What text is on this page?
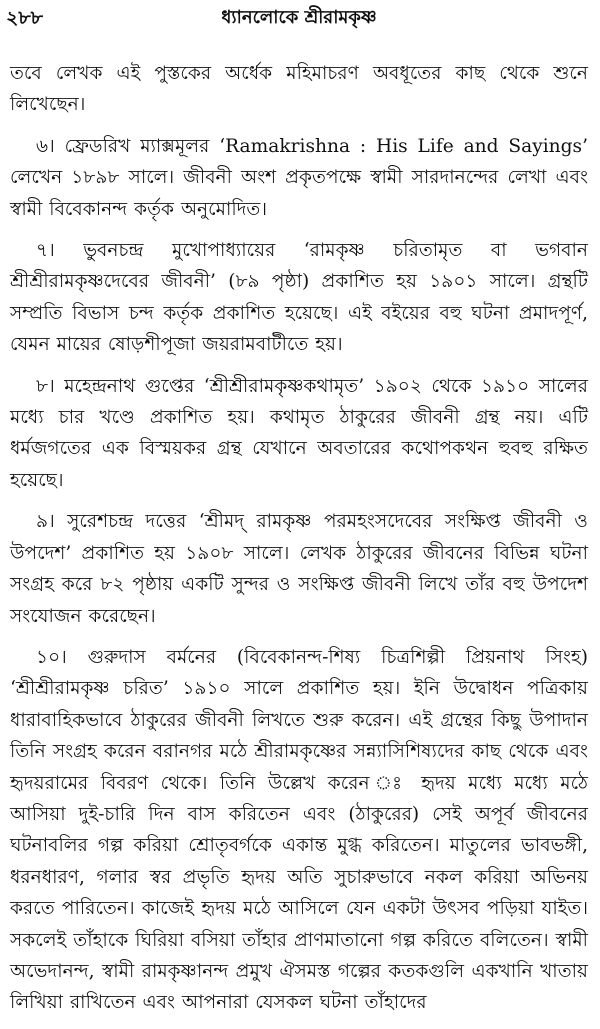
২৮৮	ধ্যানলোকে শ্রীরামকৃষ্ণ

তবে লেখক এই পুস্তকের অর্ধেক মহিমাচরণ অবধূতের কাছ থেকে শুনে লিখেছেন।

৬। ফ্রেডরিখ ম্যাক্সমূলর ‘Ramakrishna : His Life and Sayings’ লেখেন ১৮৯৮ সালে। জীবনী অংশ প্রকৃতপক্ষে স্বামী সারদানন্দের লেখা এবং স্বামী বিবেকানন্দ কর্তৃক অনুমোদিত।

৭। ভুবনচন্দ্র মুখোপাধ্যায়ের ‘রামকৃষ্ণ চরিতামৃত বা ভগবান শ্রীশ্রীরামকৃষ্ণদেবের জীবনী’ (৮৯ পৃষ্ঠা) প্রকাশিত হয় ১৯০১ সালে। গ্রন্থটি সম্প্রতি বিভাস চন্দ কর্তৃক প্রকাশিত হয়েছে। এই বইয়ের বহু ঘটনা প্রমাদপূর্ণ, যেমন মায়ের ষোড়শীপূজা জয়রামবাটীতে হয়।

৮। মহেন্দ্রনাথ গুপ্তের ‘শ্রীশ্রীরামকৃষ্ণকথামৃত’ ১৯০২ থেকে ১৯১০ সালের মধ্যে চার খণ্ডে প্রকাশিত হয়। কথামৃত ঠাকুরের জীবনী গ্রন্থ নয়। এটি ধর্মজগতের এক বিস্ময়কর গ্রন্থ যেখানে অবতারের কথোপকথন হুবহু রক্ষিত হয়েছে।

৯। সুরেশচন্দ্র দত্তের ‘শ্রীমদ্ রামকৃষ্ণ পরমহংসদেবের সংক্ষিপ্ত জীবনী ও উপদেশ’ প্রকাশিত হয় ১৯০৮ সালে। লেখক ঠাকুরের জীবনের বিভিন্ন ঘটনা সংগ্রহ করে ৮২ পৃষ্ঠায় একটি সুন্দর ও সংক্ষিপ্ত জীবনী লিখে তাঁর বহু উপদেশ সংযোজন করেছেন।

১০। গুরুদাস বর্মনের (বিবেকানন্দ-শিষ্য চিত্রশিল্পী প্রিয়নাথ সিংহ) ‘শ্রীশ্রীরামকৃষ্ণ চরিত’ ১৯১০ সালে প্রকাশিত হয়। ইনি উদ্বোধন পত্রিকায় ধারাবাহিকভাবে ঠাকুরের জীবনী লিখতে শুরু করেন। এই গ্রন্থের কিছু উপাদান তিনি সংগ্রহ করেন বরানগর মঠে শ্রীরামকৃষ্ণের সন্ন্যাসিশিষ্যদের কাছ থেকে এবং হৃদয়রামের বিবরণ থেকে। তিনি উল্লেখ করেন ঃ হৃদয় মধ্যে মধ্যে মঠে আসিয়া দুই-চারি দিন বাস করিতেন এবং (ঠাকুরের) সেই অপূর্ব জীবনের ঘটনাবলির গল্প করিয়া শ্রোতৃবর্গকে একান্ত মুগ্ধ করিতেন। মাতুলের ভাবভঙ্গী, ধরনধারণ, গলার স্বর প্রভৃতি হৃদয় অতি সুচারুভাবে নকল করিয়া অভিনয় করতে পারিতেন। কাজেই হৃদয় মঠে আসিলে যেন একটা উৎসব পড়িয়া যাইত। সকলেই তাঁহাকে ঘিরিয়া বসিয়া তাঁহার প্রাণমাতানো গল্প করিতে বলিতেন। স্বামী অভেদানন্দ, স্বামী রামকৃষ্ণানন্দ প্রমুখ ঐসমস্ত গল্পের কতকগুলি একখানি খাতায় লিখিয়া রাখিতেন এবং আপনারা যেসকল ঘটনা তাঁহাদের
